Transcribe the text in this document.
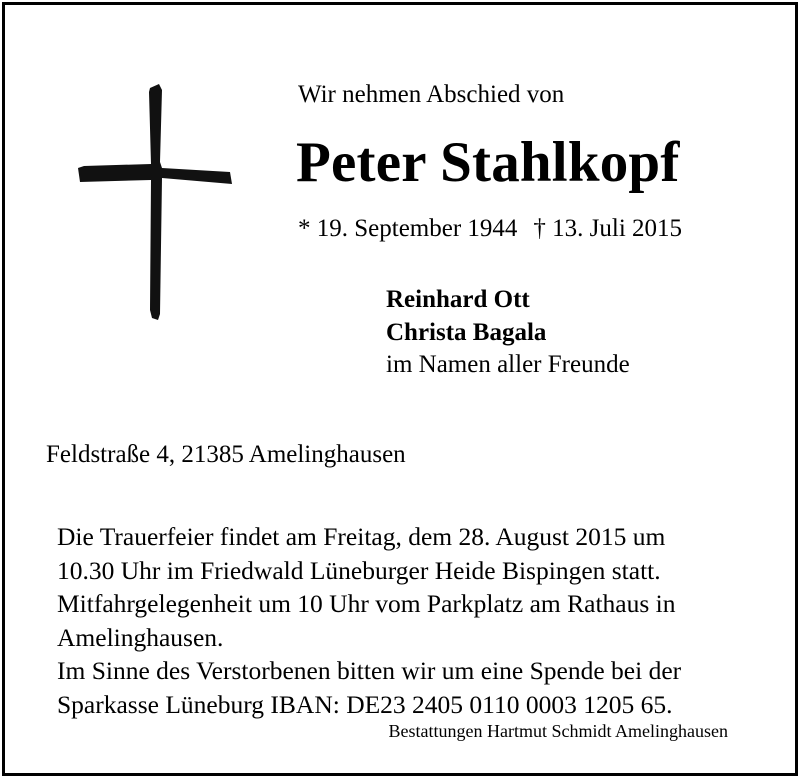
Wir nehmen Abschied von
Peter Stahlkopf
* 19. September 1944 † 13. Juli 2015
Reinhard Ott
Christa Bagala
im Namen aller Freunde
Feldstraße 4, 21385 Amelinghausen
Die Trauerfeier findet am Freitag, dem 28. August 2015 um
10.30 Uhr im Friedwald Lüneburger Heide Bispingen statt.
Mitfahrgelegenheit um 10 Uhr vom Parkplatz am Rathaus in
Amelinghausen.
Im Sinne des Verstorbenen bitten wir um eine Spende bei der
Sparkasse Lüneburg IBAN: DE23 2405 0110 0003 1205 65.
Bestattungen Hartmut Schmidt Amelinghausen
